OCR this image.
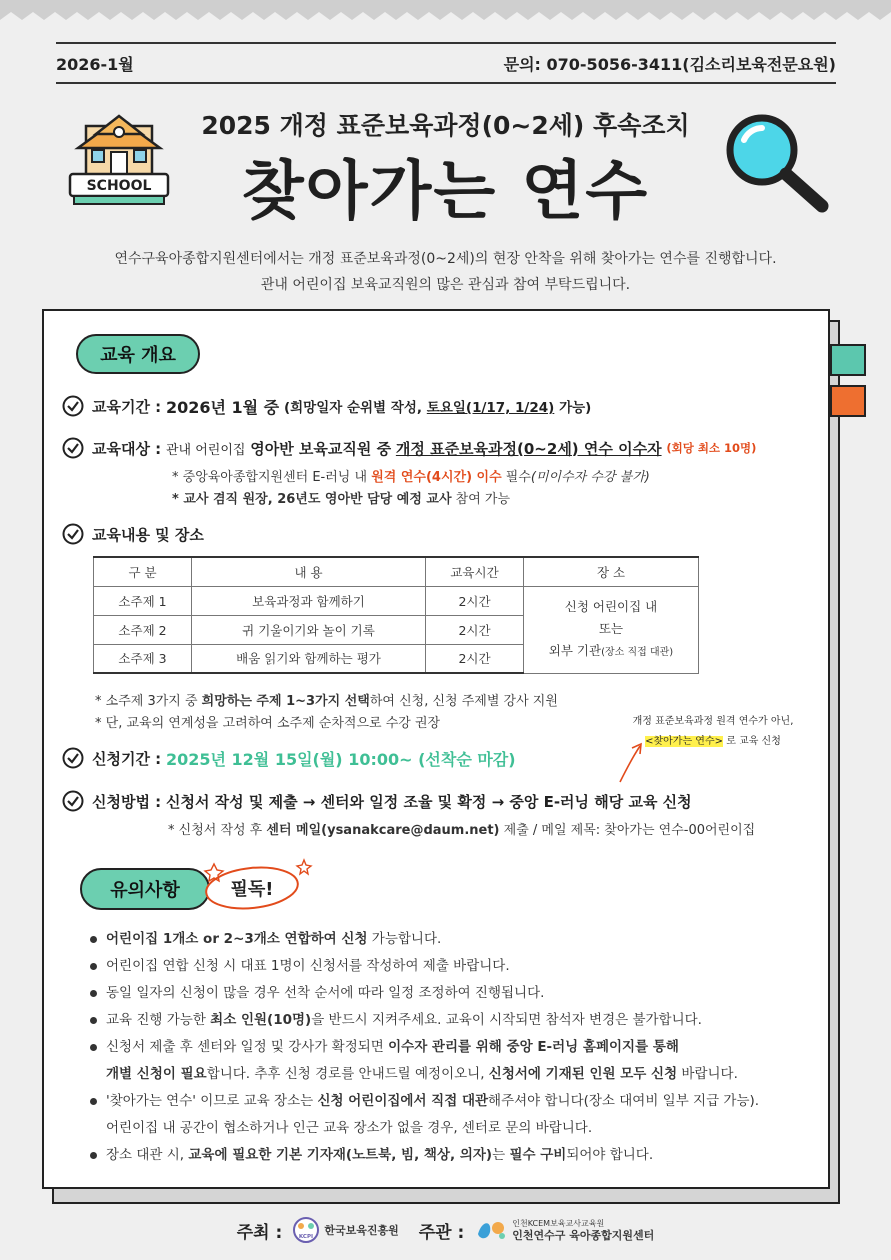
2026-1월	문의: 070-5056-3411(김소리보육전문요원)
SCHOOL
2025 개정 표준보육과정(0~2세) 후속조치
찾아가는 연수
연수구육아종합지원센터에서는 개정 표준보육과정(0~2세)의 현장 안착을 위해 찾아가는 연수를 진행합니다.
관내 어린이집 보육교직원의 많은 관심과 참여 부탁드립니다.
교육 개요
교육기간 :
2026년 1월 중
(희망일자 순위별 작성,
토요일(1/17, 1/24)
가능)
교육대상 :
관내 어린이집
영아반 보육교직원 중
개정 표준보육과정(0~2세) 연수 이수자
(회당 최소 10명)
* 중앙육아종합지원센터 E-러닝 내 원격 연수(4시간) 이수 필수(미이수자 수강 불가)
* 교사 겸직 원장, 26년도 영아반 담당 예정 교사 참여 가능
교육내용 및 장소
구 분	내 용	교육시간	장 소
소주제 1	보육과정과 함께하기	2시간	신청 어린이집 내
또는
외부 기관(장소 직접 대관)

소주제 2	귀 기울이기와 놀이 기록	2시간	
소주제 3	배움 읽기와 함께하는 평가	2시간	
* 소주제 3가지 중 희망하는 주제 1~3가지 선택하여 신청, 신청 주제별 강사 지원
* 단, 교육의 연계성을 고려하여 소주제 순차적으로 수강 권장	개정 표준보육과정 원격 연수가 아닌,
<찾아가는 연수> 로 교육 신청
신청기간 :
2025년 12월 15일(월) 10:00~ (선착순 마감)
신청방법 :
신청서 작성 및 제출 → 센터와 일정 조율 및 확정 → 중앙 E-러닝 해당 교육 신청
* 신청서 작성 후 센터 메일(ysanakcare@daum.net) 제출 / 메일 제목: 찾아가는 연수-00어린이집
유의사항	필독!
어린이집 1개소 or 2~3개소 연합하여 신청 가능합니다.
어린이집 연합 신청 시 대표 1명이 신청서를 작성하여 제출 바랍니다.
동일 일자의 신청이 많을 경우 선착 순서에 따라 일정 조정하여 진행됩니다.
교육 진행 가능한 최소 인원(10명)을 반드시 지켜주세요. 교육이 시작되면 참석자 변경은 불가합니다.
신청서 제출 후 센터와 일정 및 강사가 확정되면 이수자 관리를 위해 중앙 E-러닝 홈페이지를 통해
개별 신청이 필요합니다. 추후 신청 경로를 안내드릴 예정이오니, 신청서에 기재된 인원 모두 신청 바랍니다.
'찾아가는 연수' 이므로 교육 장소는 신청 어린이집에서 직접 대관해주셔야 합니다(장소 대여비 일부 지급 가능).
어린이집 내 공간이 협소하거나 인근 교육 장소가 없을 경우, 센터로 문의 바랍니다.
장소 대관 시, 교육에 필요한 기본 기자재(노트북, 빔, 책상, 의자)는 필수 구비되어야 합니다.
주최 :	KCPI 한국보육진흥원 주관 :	인천KCEM보육교사교육원
인천연수구 육아종합지원센터
